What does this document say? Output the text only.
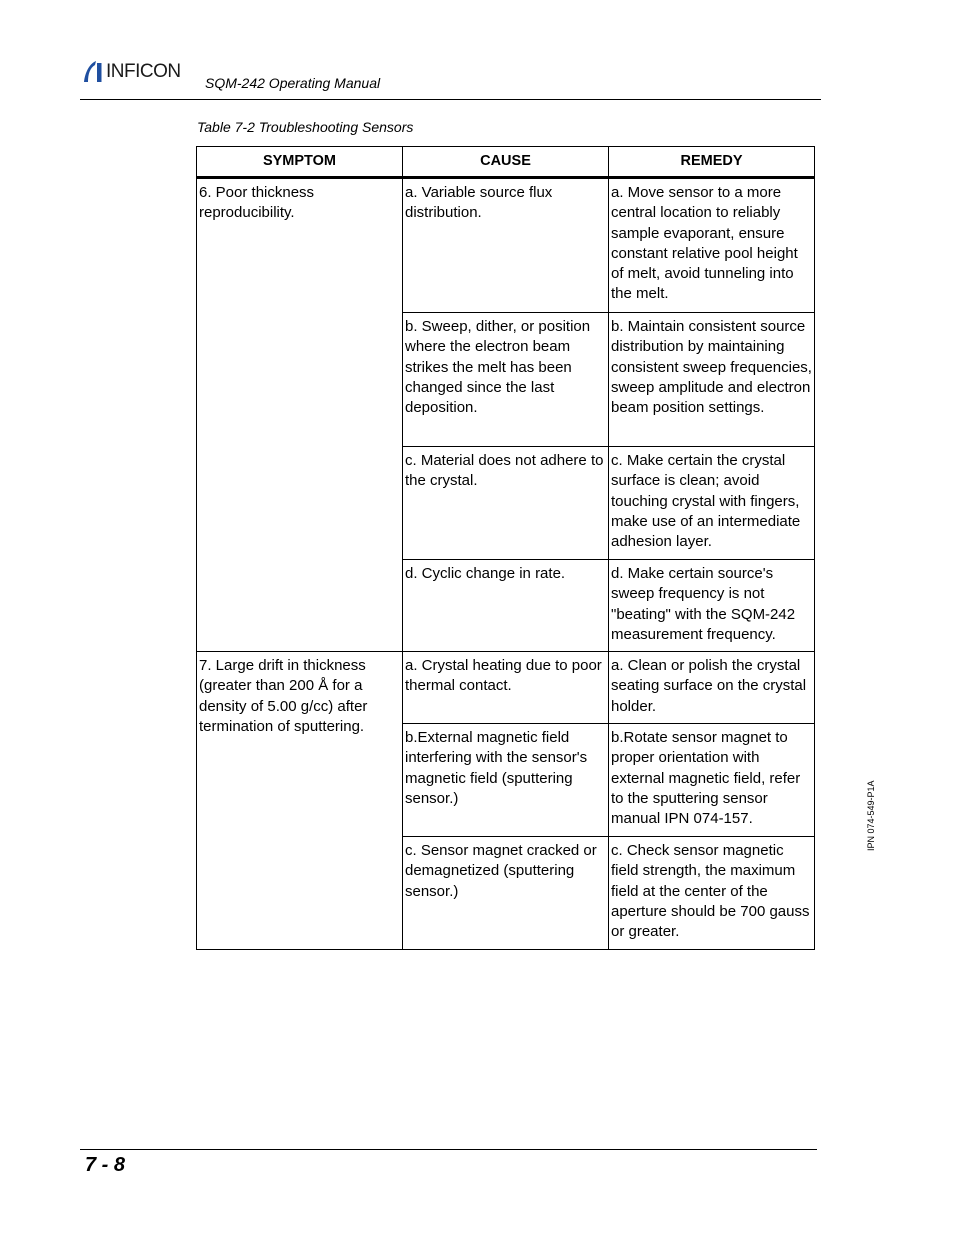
INFICON
SQM-242 Operating Manual
Table 7-2 Troubleshooting Sensors
SYMPTOM	CAUSE	REMEDY
6. Poor thickness reproducibility.	a. Variable source flux distribution.	a. Move sensor to a more central location to reliably sample evaporant, ensure constant relative pool height of melt, avoid tunneling into the melt.
	b. Sweep, dither, or position where the electron beam strikes the melt has been changed since the last deposition.	b. Maintain consistent source distribution by maintaining consistent sweep frequencies, sweep amplitude and electron beam position settings.
	c. Material does not adhere to the crystal.	c. Make certain the crystal surface is clean; avoid touching crystal with fingers, make use of an intermediate adhesion layer.
	d. Cyclic change in rate.	d. Make certain source's sweep frequency is not "beating" with the SQM-242 measurement frequency.
7. Large drift in thickness (greater than 200 Å for a density of 5.00 g/cc) after termination of sputtering.	a. Crystal heating due to poor thermal contact.	a. Clean or polish the crystal seating surface on the crystal holder.
	b.External magnetic field interfering with the sensor's magnetic field (sputtering sensor.)	b.Rotate sensor magnet to proper orientation with external magnetic field, refer to the sputtering sensor manual IPN 074-157.
	c. Sensor magnet cracked or demagnetized (sputtering sensor.)	c. Check sensor magnetic field strength, the maximum field at the center of the aperture should be 700 gauss or greater.
IPN 074-549-P1A
7 - 8
